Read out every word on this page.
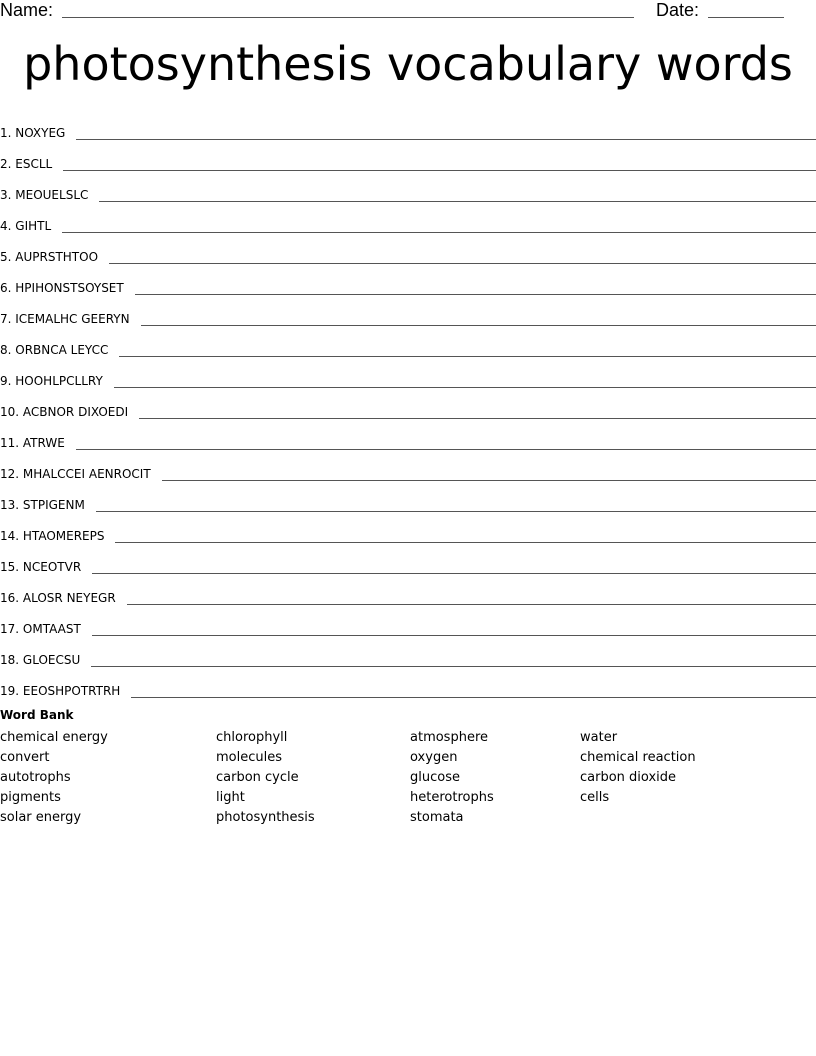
Name:	Date:
photosynthesis vocabulary words
1. NOXYEG
2. ESCLL
3. MEOUELSLC
4. GIHTL
5. AUPRSTHTOO
6. HPIHONSTSOYSET
7. ICEMALHC GEERYN
8. ORBNCA LEYCC
9. HOOHLPCLLRY
10. ACBNOR DIXOEDI
11. ATRWE
12. MHALCCEI AENROCIT
13. STPIGENM
14. HTAOMEREPS
15. NCEOTVR
16. ALOSR NEYEGR
17. OMTAAST
18. GLOECSU
19. EEOSHPOTRTRH
Word Bank
chemical energy
convert
autotrophs
pigments
solar energy
chlorophyll
molecules
carbon cycle
light
photosynthesis
atmosphere
oxygen
glucose
heterotrophs
stomata
water
chemical reaction
carbon dioxide
cells
